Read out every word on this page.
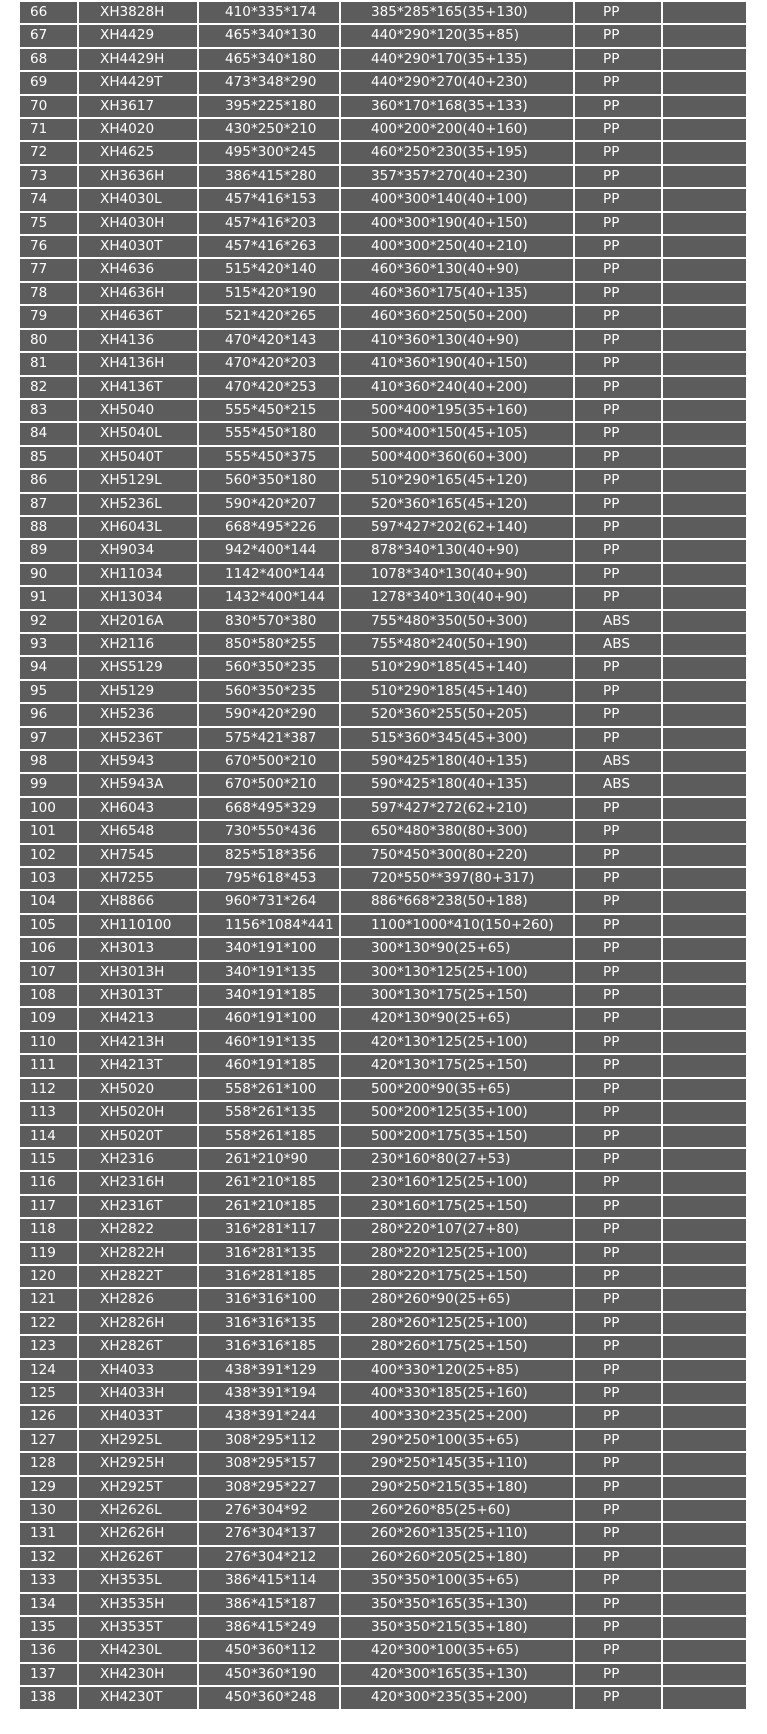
66	XH3828H	410*335*174	385*285*165(35+130)	PP	是
67	XH4429	465*340*130	440*290*120(35+85)	PP	是
68	XH4429H	465*340*180	440*290*170(35+135)	PP	是
69	XH4429T	473*348*290	440*290*270(40+230)	PP	是
70	XH3617	395*225*180	360*170*168(35+133)	PP	是
71	XH4020	430*250*210	400*200*200(40+160)	PP	是
72	XH4625	495*300*245	460*250*230(35+195)	PP	是
73	XH3636H	386*415*280	357*357*270(40+230)	PP	是
74	XH4030L	457*416*153	400*300*140(40+100)	PP	是
75	XH4030H	457*416*203	400*300*190(40+150)	PP	是
76	XH4030T	457*416*263	400*300*250(40+210)	PP	是
77	XH4636	515*420*140	460*360*130(40+90)	PP	是
78	XH4636H	515*420*190	460*360*175(40+135)	PP	是
79	XH4636T	521*420*265	460*360*250(50+200)	PP	是
80	XH4136	470*420*143	410*360*130(40+90)	PP	是
81	XH4136H	470*420*203	410*360*190(40+150)	PP	是
82	XH4136T	470*420*253	410*360*240(40+200)	PP	是
83	XH5040	555*450*215	500*400*195(35+160)	PP	是
84	XH5040L	555*450*180	500*400*150(45+105)	PP	是
85	XH5040T	555*450*375	500*400*360(60+300)	PP	是
86	XH5129L	560*350*180	510*290*165(45+120)	PP	是
87	XH5236L	590*420*207	520*360*165(45+120)	PP	是
88	XH6043L	668*495*226	597*427*202(62+140)	PP	是
89	XH9034	942*400*144	878*340*130(40+90)	PP	是
90	XH11034	1142*400*144	1078*340*130(40+90)	PP	是
91	XH13034	1432*400*144	1278*340*130(40+90)	PP	是
92	XH2016A	830*570*380	755*480*350(50+300)	ABS	是
93	XH2116	850*580*255	755*480*240(50+190)	ABS	是
94	XHS5129	560*350*235	510*290*185(45+140)	PP	是
95	XH5129	560*350*235	510*290*185(45+140)	PP	是
96	XH5236	590*420*290	520*360*255(50+205)	PP	是
97	XH5236T	575*421*387	515*360*345(45+300)	PP	是
98	XH5943	670*500*210	590*425*180(40+135)	ABS	是
99	XH5943A	670*500*210	590*425*180(40+135)	ABS	是
100	XH6043	668*495*329	597*427*272(62+210)	PP	是
101	XH6548	730*550*436	650*480*380(80+300)	PP	是
102	XH7545	825*518*356	750*450*300(80+220)	PP	是
103	XH7255	795*618*453	720*550**397(80+317)	PP	是
104	XH8866	960*731*264	886*668*238(50+188)	PP	是
105	XH110100	1156*1084*441	1100*1000*410(150+260)	PP	是
106	XH3013	340*191*100	300*130*90(25+65)	PP	是
107	XH3013H	340*191*135	300*130*125(25+100)	PP	是
108	XH3013T	340*191*185	300*130*175(25+150)	PP	是
109	XH4213	460*191*100	420*130*90(25+65)	PP	是
110	XH4213H	460*191*135	420*130*125(25+100)	PP	是
111	XH4213T	460*191*185	420*130*175(25+150)	PP	是
112	XH5020	558*261*100	500*200*90(35+65)	PP	是
113	XH5020H	558*261*135	500*200*125(35+100)	PP	是
114	XH5020T	558*261*185	500*200*175(35+150)	PP	是
115	XH2316	261*210*90	230*160*80(27+53)	PP	是
116	XH2316H	261*210*185	230*160*125(25+100)	PP	是
117	XH2316T	261*210*185	230*160*175(25+150)	PP	是
118	XH2822	316*281*117	280*220*107(27+80)	PP	是
119	XH2822H	316*281*135	280*220*125(25+100)	PP	是
120	XH2822T	316*281*185	280*220*175(25+150)	PP	是
121	XH2826	316*316*100	280*260*90(25+65)	PP	是
122	XH2826H	316*316*135	280*260*125(25+100)	PP	是
123	XH2826T	316*316*185	280*260*175(25+150)	PP	是
124	XH4033	438*391*129	400*330*120(25+85)	PP	是
125	XH4033H	438*391*194	400*330*185(25+160)	PP	是
126	XH4033T	438*391*244	400*330*235(25+200)	PP	是
127	XH2925L	308*295*112	290*250*100(35+65)	PP	否
128	XH2925H	308*295*157	290*250*145(35+110)	PP	否
129	XH2925T	308*295*227	290*250*215(35+180)	PP	否
130	XH2626L	276*304*92	260*260*85(25+60)	PP	否
131	XH2626H	276*304*137	260*260*135(25+110)	PP	否
132	XH2626T	276*304*212	260*260*205(25+180)	PP	否
133	XH3535L	386*415*114	350*350*100(35+65)	PP	否
134	XH3535H	386*415*187	350*350*165(35+130)	PP	否
135	XH3535T	386*415*249	350*350*215(35+180)	PP	否
136	XH4230L	450*360*112	420*300*100(35+65)	PP	否
137	XH4230H	450*360*190	420*300*165(35+130)	PP	否
138	XH4230T	450*360*248	420*300*235(35+200)	PP	否
